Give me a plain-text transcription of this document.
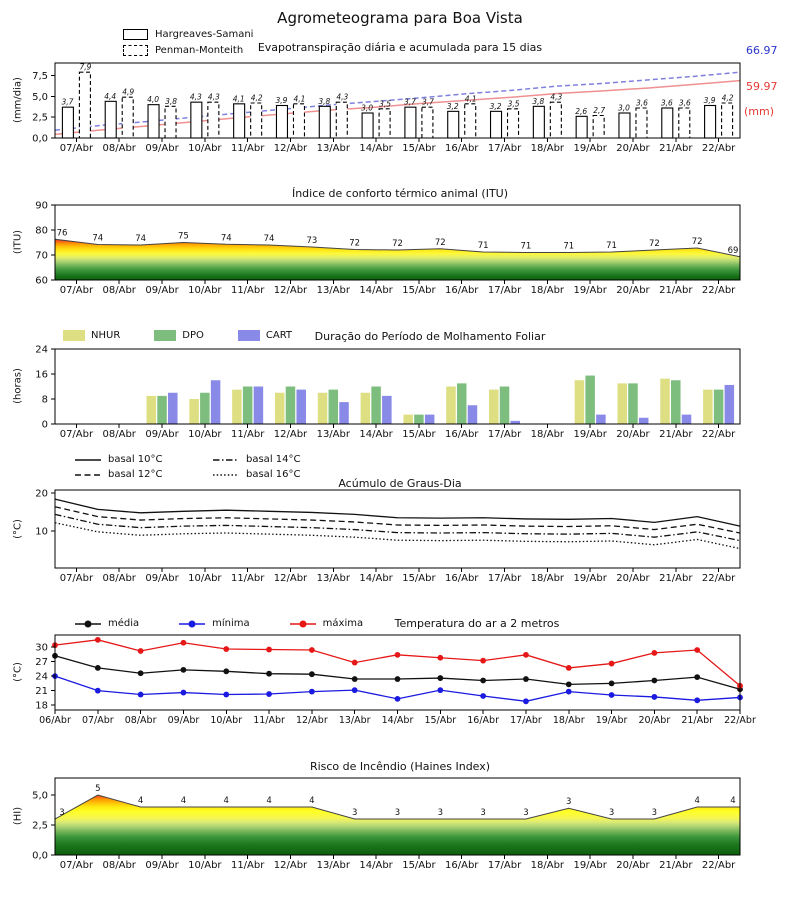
3,7
4,4	4,0	4,3	4,1	3,9	3,8
3,0
3,7	3,2	3,2
3,8
2,6	3,0
3,6	3,9
7,9
4,9
3,8	4,3	4,2	4,1	4,3
3,5	3,7	4,1
3,5
4,3
2,7
3,6	3,6
4,2
0,0
2,5
5,0
7,5
07/Abr 08/Abr 09/Abr 10/Abr 11/Abr 12/Abr 13/Abr 14/Abr 15/Abr 16/Abr 17/Abr 18/Abr 19/Abr 20/Abr 21/Abr 22/Abr
76
74	74	75	74	74	73	72	72	72	71	71	71	71	72	72
69
60
70
80
90
07/Abr 08/Abr 09/Abr 10/Abr 11/Abr 12/Abr 13/Abr 14/Abr 15/Abr 16/Abr 17/Abr 18/Abr 19/Abr 20/Abr 21/Abr 22/Abr
0
8
16
24
07/Abr 08/Abr 09/Abr 10/Abr 11/Abr 12/Abr 13/Abr 14/Abr 15/Abr 16/Abr 17/Abr 18/Abr 19/Abr 20/Abr 21/Abr 22/Abr
10
20
07/Abr 08/Abr 09/Abr 10/Abr 11/Abr 12/Abr 13/Abr 14/Abr 15/Abr 16/Abr 17/Abr 18/Abr 19/Abr 20/Abr 21/Abr 22/Abr
18
21
24
27
30
06/Abr 07/Abr 08/Abr 09/Abr 10/Abr 11/Abr 12/Abr 13/Abr 14/Abr 15/Abr 16/Abr 17/Abr 18/Abr 19/Abr 20/Abr 21/Abr 22/Abr
3
5
4	4	4	4	4
3	3	3	3	3
3
3	3
4	4
0,0
2,5
5,0
07/Abr 08/Abr 09/Abr 10/Abr 11/Abr 12/Abr 13/Abr 14/Abr 15/Abr 16/Abr 17/Abr 18/Abr 19/Abr 20/Abr 21/Abr 22/Abr
Agrometeograma para Boa Vista
Evapotranspiração diária e acumulada para 15 dias
(mm/dia)
Hargreaves-Samani
Penman-Monteith	66.97
59.97
(mm)
Índice de conforto térmico animal (ITU)
(ITU)
Duração do Período de Molhamento Foliar
(horas)
NHUR	DPO	CART
Acúmulo de Graus-Dia
(°C)
basal 10°C	basal 14°C
basal 12°C	basal 16°C
Temperatura do ar a 2 metros
(°C)
média	mínima	máxima
Risco de Incêndio (Haines Index)
(HI)
